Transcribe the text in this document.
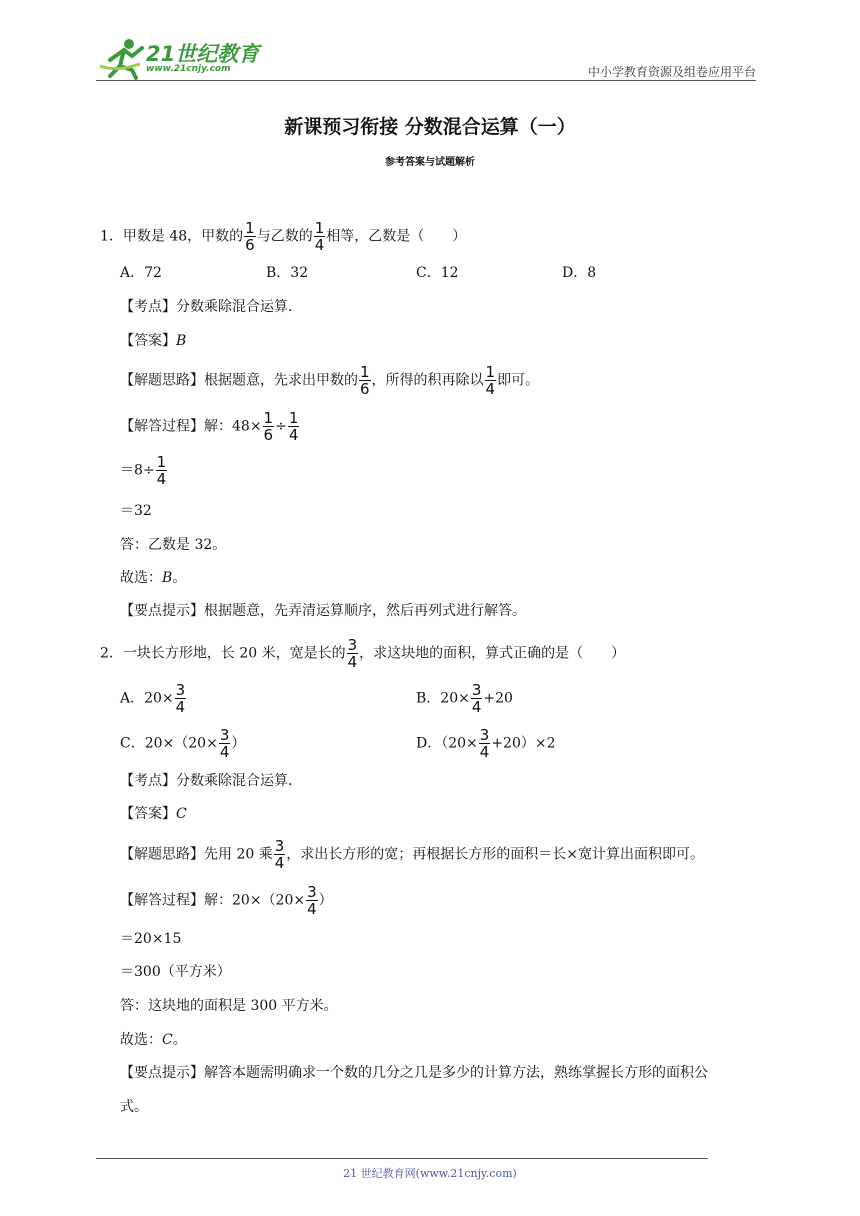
21世纪教育
www.21cnjy.com	中小学教育资源及组卷应用平台
新课预习衔接 分数混合运算（一）
参考答案与试题解析
1．甲数是 48，甲数的 $\frac{1}{6}$ 与乙数的 $\frac{1}{4}$ 相等，乙数是（　　）
A．72	B．32	C．12	D．8
【考点】分数乘除混合运算．
【答案】B
【解题思路】根据题意，先求出甲数的 $\frac{1}{6}$ ，所得的积再除以 $\frac{1}{4}$ 即可。
【解答过程】解：$48\times \frac{1}{6} \div \frac{1}{4}$
$=8\div \frac{1}{4}$
＝32
答：乙数是 32。
故选：B。
【要点提示】根据题意，先弄清运算顺序，然后再列式进行解答。
2．一块长方形地，长 20 米，宽是长的 $\frac{3}{4}$ ，求这块地的面积，算式正确的是（　　）
A．$20\times \frac{3}{4}$	B．$20\times \frac{3}{4} +20$
C．$20\times(20\times \frac{3}{4}$ ）	D．$(20\times \frac{3}{4} +20)\times 2$
【考点】分数乘除混合运算．
【答案】C
【解题思路】先用 20 乘 $\frac{3}{4}$ ，求出长方形的宽；再根据长方形的面积＝长×宽计算出面积即可。
【解答过程】解：$20\times(20\times \frac{3}{4}$ ）
＝20×15
＝300（平方米）
答：这块地的面积是 300 平方米。
故选：C。
【要点提示】解答本题需明确求一个数的几分之几是多少的计算方法，熟练掌握长方形的面积公
式。
21 世纪教育网(www.21cnjy.com)
